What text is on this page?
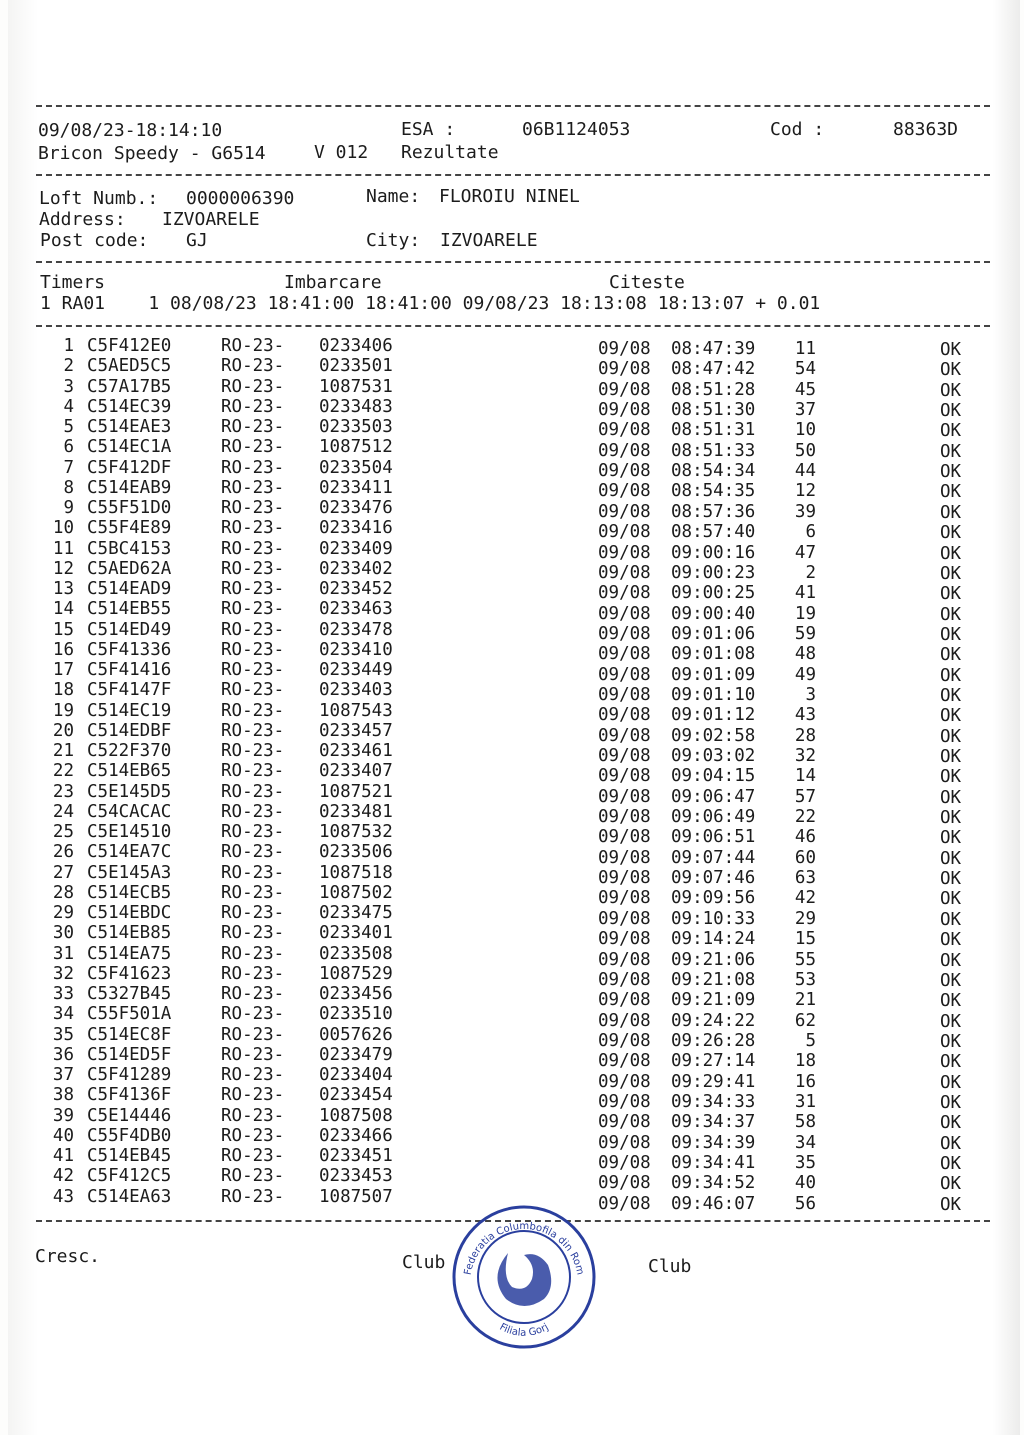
09/08/23-18:14:10	ESA :	06B1124053	Cod :	88363D
Bricon Speedy - G6514	V 012 Rezultate
Loft Numb.: 0000006390	Name: FLOROIU NINEL
Address: IZVOARELE
Post code: GJ	City: IZVOARELE
Timers	Imbarcare	Citeste
1 RA01    1 08/08/23 18:41:00 18:41:00 09/08/23 18:13:08 18:13:07 + 0.01
1 C5F412E0	RO-23- 0233406	09/08 08:47:39	11	OK
2 C5AED5C5	RO-23- 0233501	09/08 08:47:42	54	OK
3 C57A17B5	RO-23- 1087531	09/08 08:51:28	45	OK
4 C514EC39	RO-23- 0233483	09/08 08:51:30	37	OK
5 C514EAE3	RO-23- 0233503	09/08 08:51:31	10	OK
6 C514EC1A	RO-23- 1087512	09/08 08:51:33	50	OK
7 C5F412DF	RO-23- 0233504	09/08 08:54:34	44	OK
8 C514EAB9	RO-23- 0233411	09/08 08:54:35	12	OK
9 C55F51D0	RO-23- 0233476	09/08 08:57:36	39	OK
10 C55F4E89	RO-23- 0233416	09/08 08:57:40	6	OK
11 C5BC4153	RO-23- 0233409	09/08 09:00:16	47	OK
12 C5AED62A	RO-23- 0233402	09/08 09:00:23	2	OK
13 C514EAD9	RO-23- 0233452	09/08 09:00:25	41	OK
14 C514EB55	RO-23- 0233463	09/08 09:00:40	19	OK
15 C514ED49	RO-23- 0233478	09/08 09:01:06	59	OK
16 C5F41336	RO-23- 0233410	09/08 09:01:08	48	OK
17 C5F41416	RO-23- 0233449	09/08 09:01:09	49	OK
18 C5F4147F	RO-23- 0233403	09/08 09:01:10	3	OK
19 C514EC19	RO-23- 1087543	09/08 09:01:12	43	OK
20 C514EDBF	RO-23- 0233457	09/08 09:02:58	28	OK
21 C522F370	RO-23- 0233461	09/08 09:03:02	32	OK
22 C514EB65	RO-23- 0233407	09/08 09:04:15	14	OK
23 C5E145D5	RO-23- 1087521	09/08 09:06:47	57	OK
24 C54CACAC	RO-23- 0233481	09/08 09:06:49	22	OK
25 C5E14510	RO-23- 1087532	09/08 09:06:51	46	OK
26 C514EA7C	RO-23- 0233506	09/08 09:07:44	60	OK
27 C5E145A3	RO-23- 1087518	09/08 09:07:46	63	OK
28 C514ECB5	RO-23- 1087502	09/08 09:09:56	42	OK
29 C514EBDC	RO-23- 0233475	09/08 09:10:33	29	OK
30 C514EB85	RO-23- 0233401	09/08 09:14:24	15	OK
31 C514EA75	RO-23- 0233508	09/08 09:21:06	55	OK
32 C5F41623	RO-23- 1087529	09/08 09:21:08	53	OK
33 C5327B45	RO-23- 0233456	09/08 09:21:09	21	OK
34 C55F501A	RO-23- 0233510	09/08 09:24:22	62	OK
35 C514EC8F	RO-23- 0057626	09/08 09:26:28	5	OK
36 C514ED5F	RO-23- 0233479	09/08 09:27:14	18	OK
37 C5F41289	RO-23- 0233404	09/08 09:29:41	16	OK
38 C5F4136F	RO-23- 0233454	09/08 09:34:33	31	OK
39 C5E14446	RO-23- 1087508	09/08 09:34:37	58	OK
40 C55F4DB0	RO-23- 0233466	09/08 09:34:39	34	OK
41 C514EB45	RO-23- 0233451	09/08 09:34:41	35	OK
42 C5F412C5	RO-23- 0233453	09/08 09:34:52	40	OK
43 C514EA63	RO-23- 1087507	09/08 09:46:07	56	OK
Cresc.	Club	Club
Federatia Columbofila din Rom
Filiala Gorj
